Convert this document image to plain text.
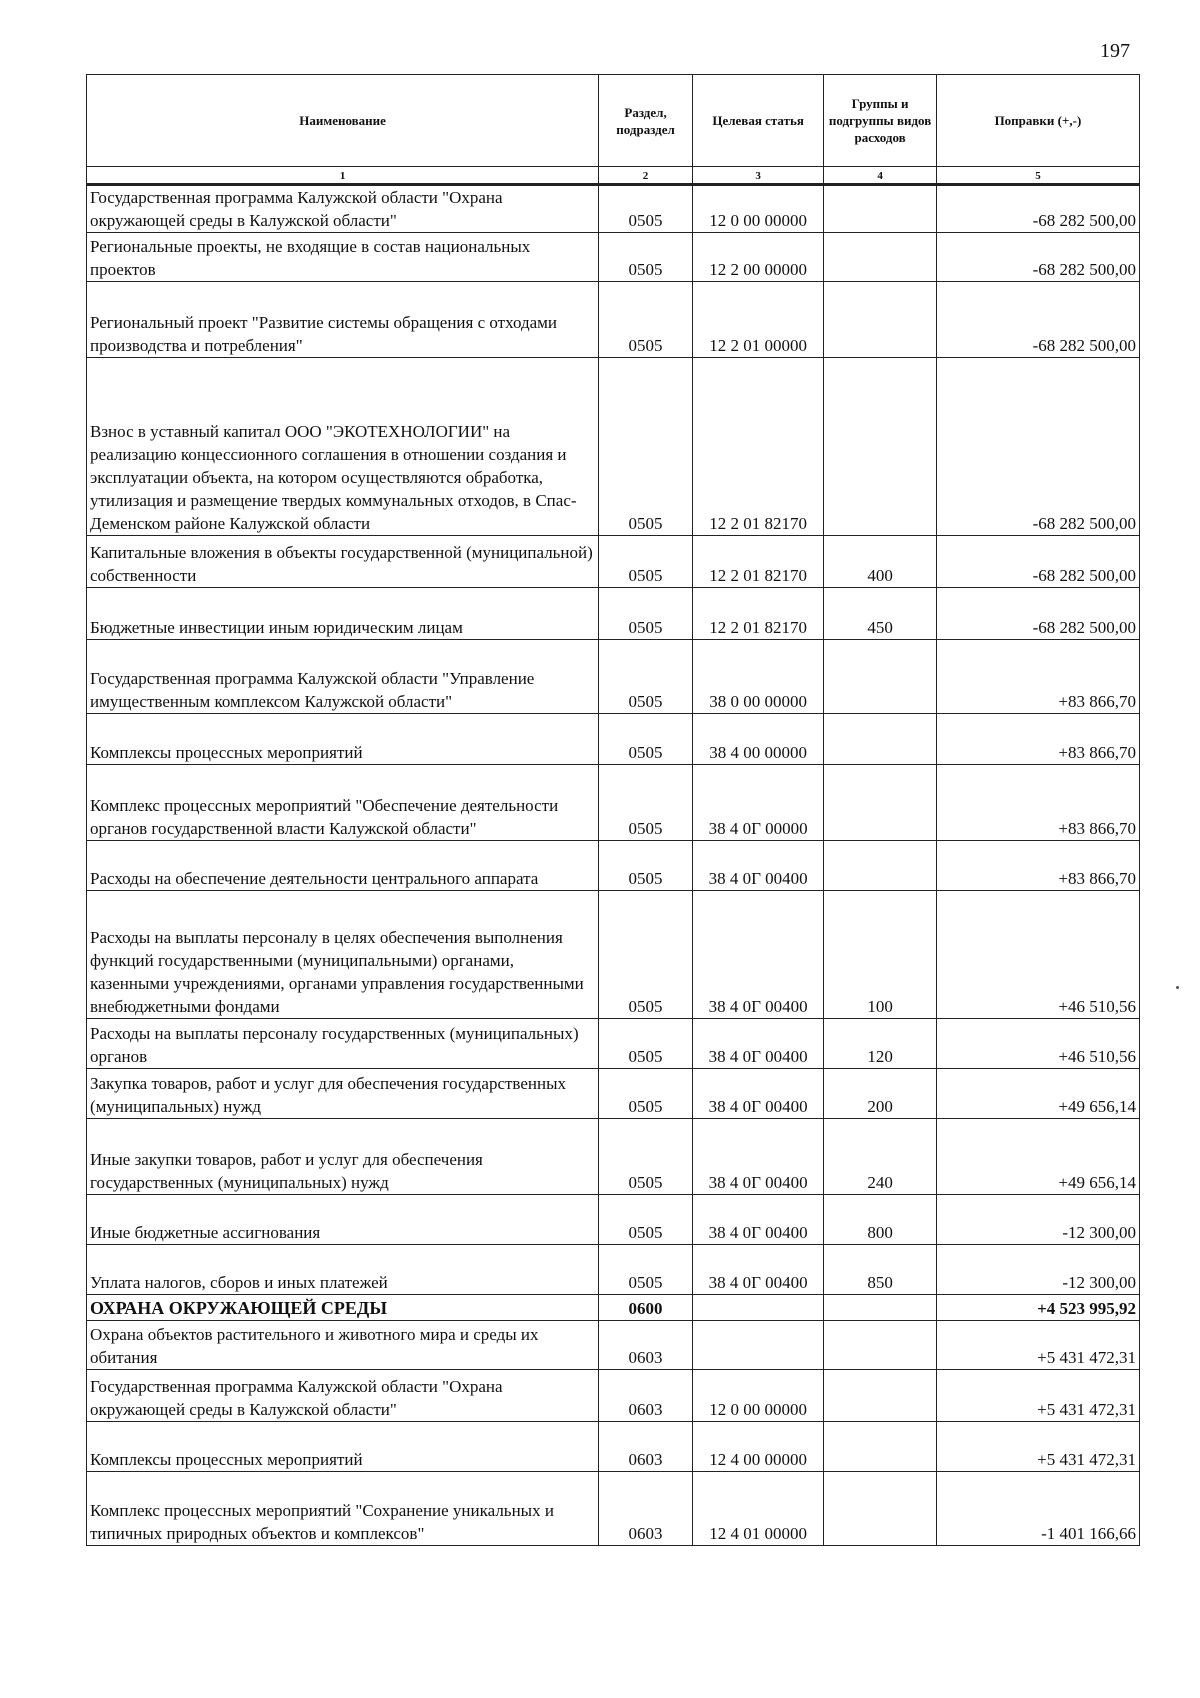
197
Наименование	Раздел, подраздел	Целевая статья	Группы и подгруппы видов расходов	Поправки (+,-)
1	2	3	4	5
Государственная программа Калужской области "Охрана окружающей среды в Калужской области"	0505	12 0 00 00000		-68 282 500,00
Региональные проекты, не входящие в состав национальных проектов	0505	12 2 00 00000		-68 282 500,00
Региональный проект "Развитие системы обращения с отходами производства и потребления"	0505	12 2 01 00000		-68 282 500,00
Взнос в уставный капитал ООО "ЭКОТЕХНОЛОГИИ" на реализацию концессионного соглашения в отношении создания и эксплуатации объекта, на котором осуществляются обработка, утилизация и размещение твердых коммунальных отходов, в Спас-Деменском районе Калужской области	0505	12 2 01 82170		-68 282 500,00
Капитальные вложения в объекты государственной (муниципальной) собственности	0505	12 2 01 82170	400	-68 282 500,00
Бюджетные инвестиции иным юридическим лицам	0505	12 2 01 82170	450	-68 282 500,00
Государственная программа Калужской области "Управление имущественным комплексом Калужской области"	0505	38 0 00 00000		+83 866,70
Комплексы процессных мероприятий	0505	38 4 00 00000		+83 866,70
Комплекс процессных мероприятий "Обеспечение деятельности органов государственной власти Калужской области"	0505	38 4 0Г 00000		+83 866,70
Расходы на обеспечение деятельности центрального аппарата	0505	38 4 0Г 00400		+83 866,70
Расходы на выплаты персоналу в целях обеспечения выполнения функций государственными (муниципальными) органами, казенными учреждениями, органами управления государственными внебюджетными фондами	0505	38 4 0Г 00400	100	+46 510,56
Расходы на выплаты персоналу государственных (муниципальных) органов	0505	38 4 0Г 00400	120	+46 510,56
Закупка товаров, работ и услуг для обеспечения государственных (муниципальных) нужд	0505	38 4 0Г 00400	200	+49 656,14
Иные закупки товаров, работ и услуг для обеспечения государственных (муниципальных) нужд	0505	38 4 0Г 00400	240	+49 656,14
Иные бюджетные ассигнования	0505	38 4 0Г 00400	800	-12 300,00
Уплата налогов, сборов и иных платежей	0505	38 4 0Г 00400	850	-12 300,00
ОХРАНА ОКРУЖАЮЩЕЙ СРЕДЫ	0600			+4 523 995,92
Охрана объектов растительного и животного мира и среды их обитания	0603			+5 431 472,31
Государственная программа Калужской области "Охрана окружающей среды в Калужской области"	0603	12 0 00 00000		+5 431 472,31
Комплексы процессных мероприятий	0603	12 4 00 00000		+5 431 472,31
Комплекс процессных мероприятий "Сохранение уникальных и типичных природных объектов и комплексов"	0603	12 4 01 00000		-1 401 166,66
